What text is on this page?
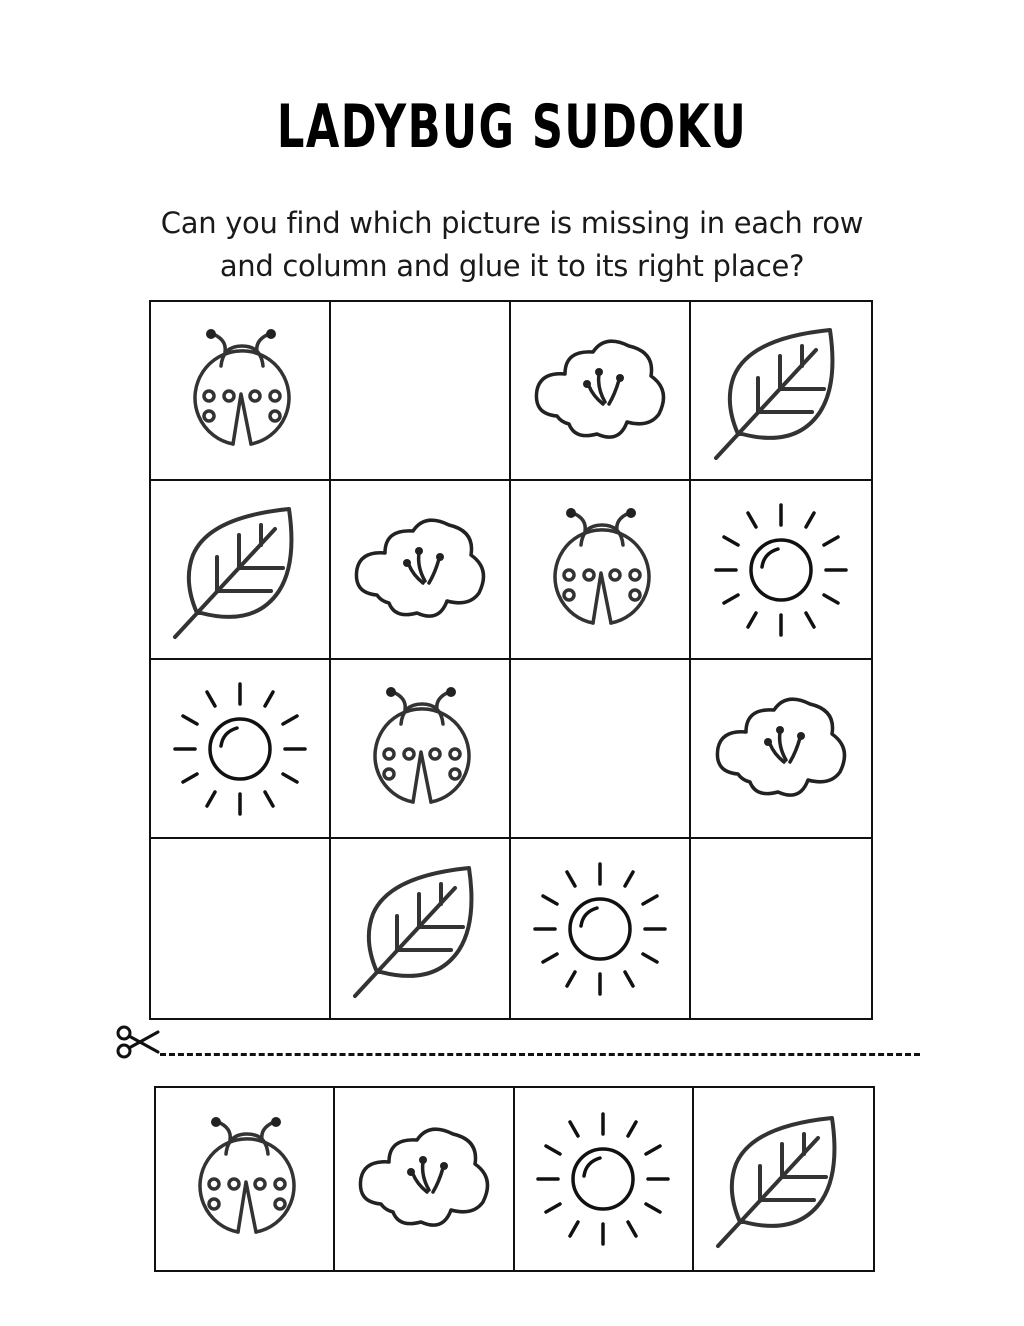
LADYBUG SUDOKU
Can you find which picture is missing in each row and column and glue it to its right place?
